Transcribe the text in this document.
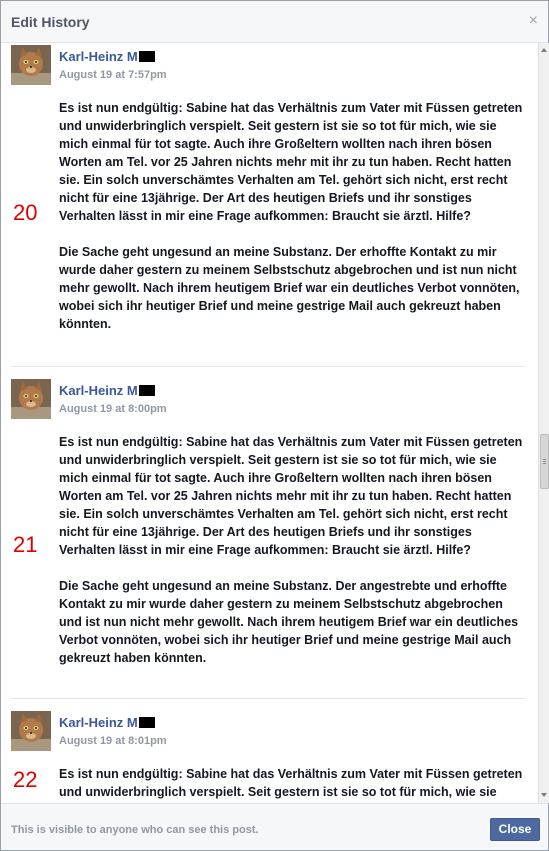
Edit History	×
Karl-Heinz M
August 19 at 7:57pm
20

Es ist nun endgültig: Sabine hat das Verhältnis zum Vater mit Füssen getreten und unwiderbringlich verspielt. Seit gestern ist sie so tot für mich, wie sie mich einmal für tot sagte. Auch ihre Großeltern wollten nach ihren bösen Worten am Tel. vor 25 Jahren nichts mehr mit ihr zu tun haben. Recht hatten sie. Ein solch unverschämtes Verhalten am Tel. gehört sich nicht, erst recht nicht für eine 13jährige. Der Art des heutigen Briefs und ihr sonstiges Verhalten lässt in mir eine Frage aufkommen: Braucht sie ärztl. Hilfe?

Die Sache geht ungesund an meine Substanz. Der erhoffte Kontakt zu mir wurde daher gestern zu meinem Selbstschutz abgebrochen und ist nun nicht mehr gewollt. Nach ihrem heutigem Brief war ein deutliches Verbot vonnöten, wobei sich ihr heutiger Brief und meine gestrige Mail auch gekreuzt haben könnten.

Karl-Heinz M
August 19 at 8:00pm
21

Es ist nun endgültig: Sabine hat das Verhältnis zum Vater mit Füssen getreten und unwiderbringlich verspielt. Seit gestern ist sie so tot für mich, wie sie mich einmal für tot sagte. Auch ihre Großeltern wollten nach ihren bösen Worten am Tel. vor 25 Jahren nichts mehr mit ihr zu tun haben. Recht hatten sie. Ein solch unverschämtes Verhalten am Tel. gehört sich nicht, erst recht nicht für eine 13jährige. Der Art des heutigen Briefs und ihr sonstiges Verhalten lässt in mir eine Frage aufkommen: Braucht sie ärztl. Hilfe?

Die Sache geht ungesund an meine Substanz. Der angestrebte und erhoffte Kontakt zu mir wurde daher gestern zu meinem Selbstschutz abgebrochen und ist nun nicht mehr gewollt. Nach ihrem heutigem Brief war ein deutliches Verbot vonnöten, wobei sich ihr heutiger Brief und meine gestrige Mail auch gekreuzt haben könnten.

Karl-Heinz M
August 19 at 8:01pm
22 Es ist nun endgültig: Sabine hat das Verhältnis zum Vater mit Füssen getreten und unwiderbringlich verspielt. Seit gestern ist sie so tot für mich, wie sie

This is visible to anyone who can see this post.	Close
